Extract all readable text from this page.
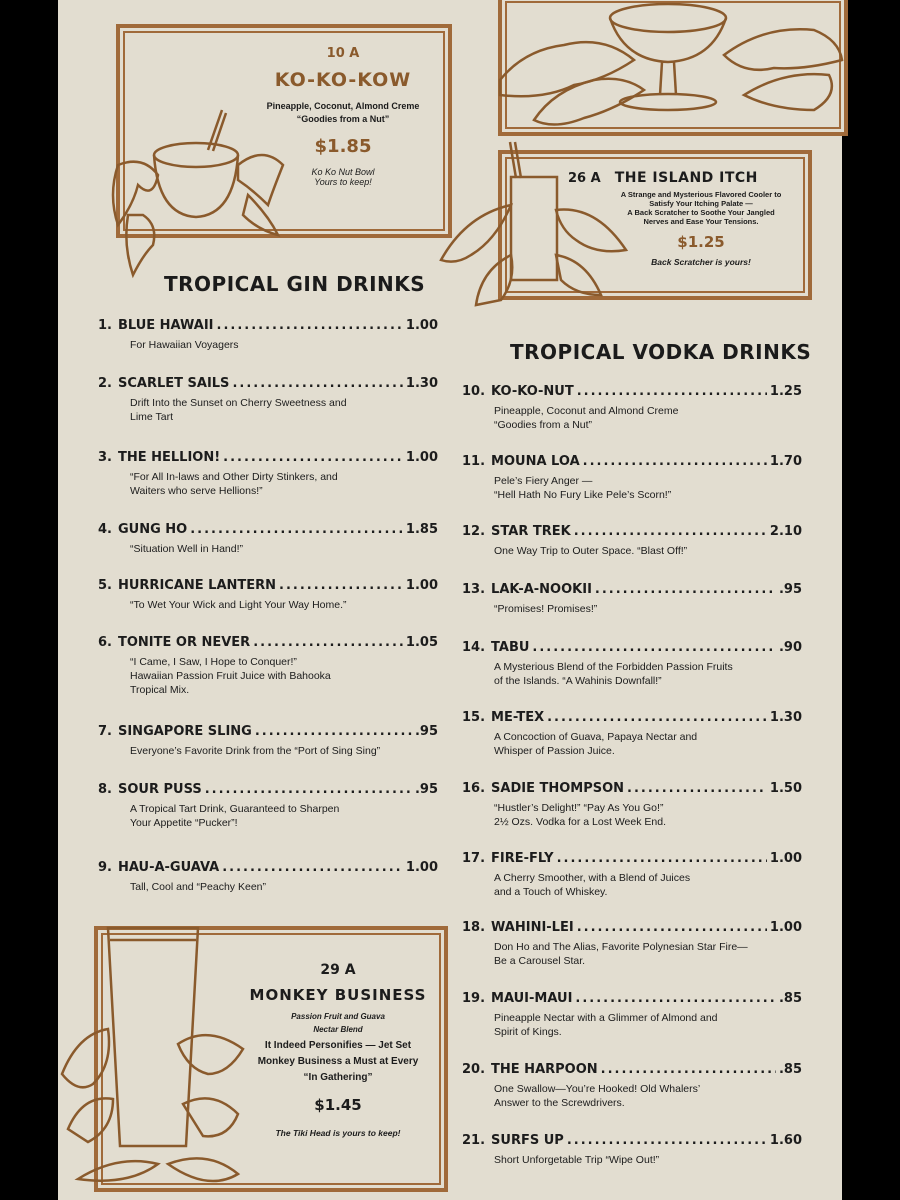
10 A
KO-KO-KOW
Pineapple, Coconut, Almond Creme
“Goodies from a Nut”
$1.85
Ko Ko Nut Bowl
Yours to keep!	26 A THE ISLAND ITCH
A Strange and Mysterious Flavored Cooler to
Satisfy Your Itching Palate —
A Back Scratcher to Soothe Your Jangled
Nerves and Ease Your Tensions.
$1.25
Back Scratcher is yours!
TROPICAL GIN DRINKS
TROPICAL VODKA DRINKS
1. BLUE HAWAII .....	1.00
For Hawaiian Voyagers
2. SCARLET SAILS .....	1.30
Drift Into the Sunset on Cherry Sweetness and
Lime Tart
3. THE HELLION! .....	1.00
“For All In-laws and Other Dirty Stinkers, and
Waiters who serve Hellions!”
4. GUNG HO .....	1.85
“Situation Well in Hand!”
5. HURRICANE LANTERN .....	1.00
“To Wet Your Wick and Light Your Way Home.”
6. TONITE OR NEVER .....	1.05
“I Came, I Saw, I Hope to Conquer!”
Hawaiian Passion Fruit Juice with Bahooka
Tropical Mix.
7. SINGAPORE SLING .....	.95
Everyone’s Favorite Drink from the “Port of Sing Sing”
8. SOUR PUSS .....	.95
A Tropical Tart Drink, Guaranteed to Sharpen
Your Appetite “Pucker”!
9. HAU-A-GUAVA .....	1.00
Tall, Cool and “Peachy Keen”
10. KO-KO-NUT .....	1.25
Pineapple, Coconut and Almond Creme
“Goodies from a Nut”
11. MOUNA LOA .....	1.70
Pele’s Fiery Anger —
“Hell Hath No Fury Like Pele’s Scorn!”
12. STAR TREK .....	2.10
One Way Trip to Outer Space. “Blast Off!”
13. LAK-A-NOOKII .....	.95
“Promises! Promises!”
14. TABU .....	.90
A Mysterious Blend of the Forbidden Passion Fruits
of the Islands. “A Wahinis Downfall!”
15. ME-TEX .....	1.30
A Concoction of Guava, Papaya Nectar and
Whisper of Passion Juice.
16. SADIE THOMPSON .....	1.50
“Hustler’s Delight!” “Pay As You Go!”
2½ Ozs. Vodka for a Lost Week End.
17. FIRE-FLY .....	1.00
A Cherry Smoother, with a Blend of Juices
and a Touch of Whiskey.
18. WAHINI-LEI .....	1.00
Don Ho and The Alias, Favorite Polynesian Star Fire—
Be a Carousel Star.
19. MAUI-MAUI .....	.85
Pineapple Nectar with a Glimmer of Almond and
Spirit of Kings.
20. THE HARPOON .....	.85
One Swallow—You’re Hooked! Old Whalers’
Answer to the Screwdrivers.
21. SURFS UP .....	1.60
Short Unforgetable Trip “Wipe Out!”
29 A
MONKEY BUSINESS
Passion Fruit and Guava
Nectar Blend
It Indeed Personifies — Jet Set
Monkey Business a Must at Every
“In Gathering”
$1.45
The Tiki Head is yours to keep!
